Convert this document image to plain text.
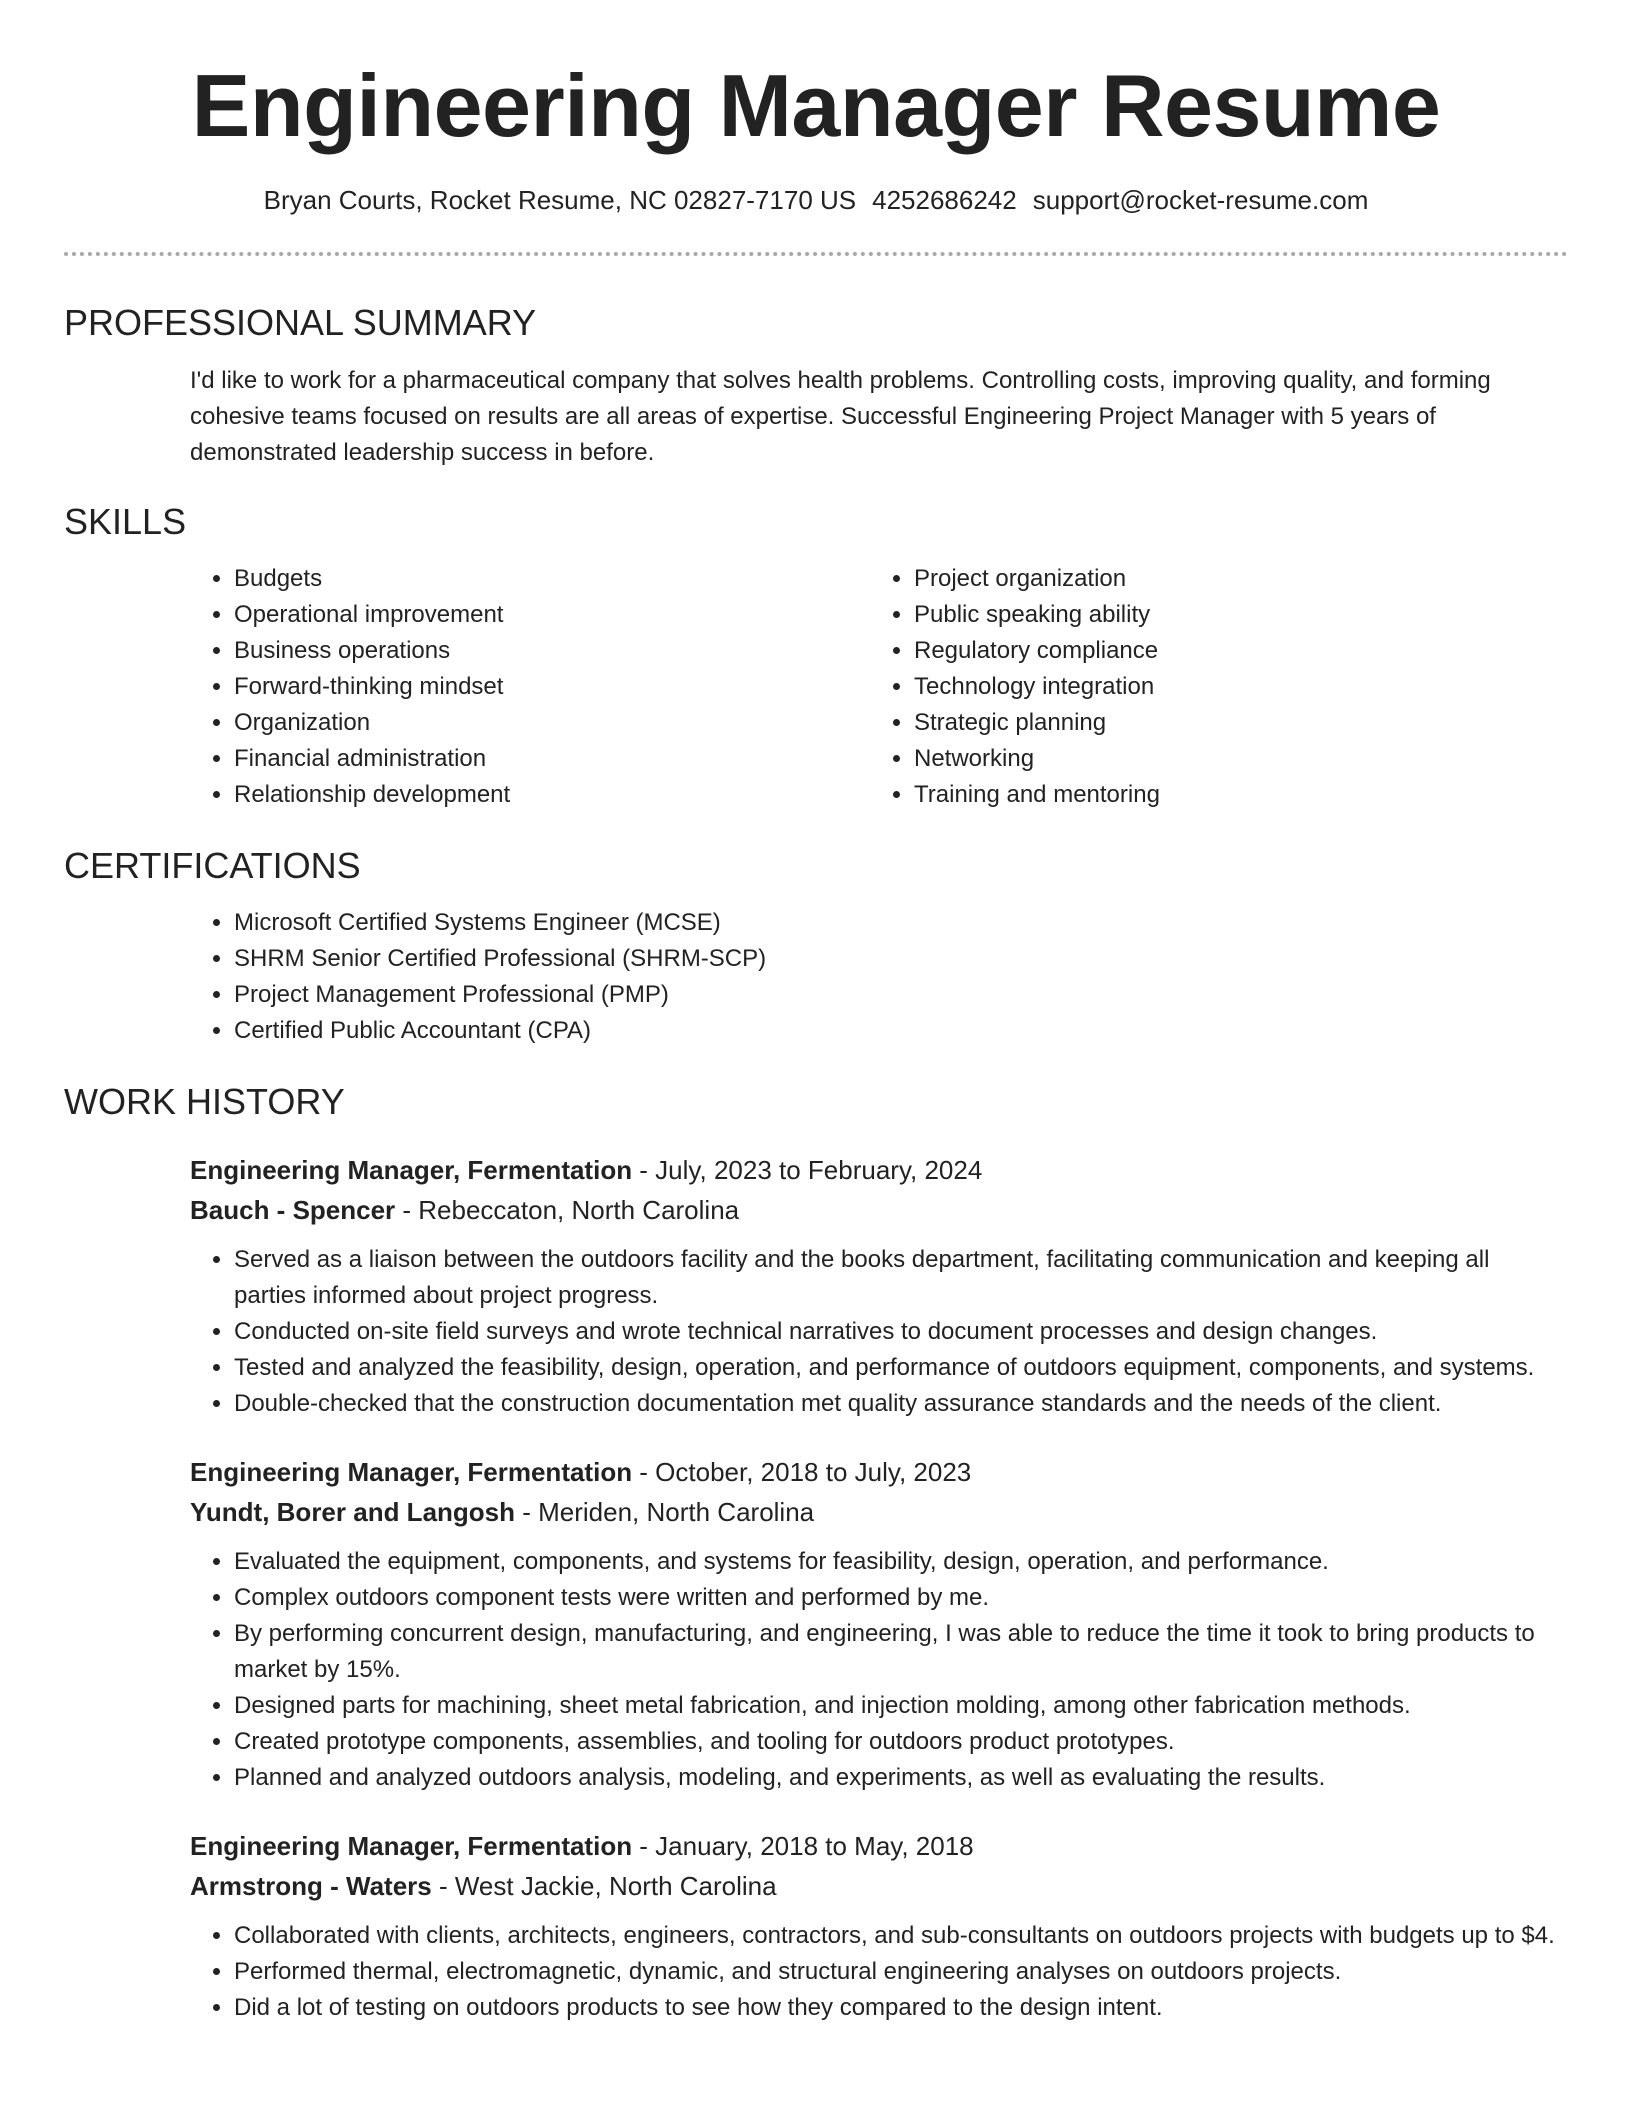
Engineering Manager Resume
Bryan Courts, Rocket Resume, NC 02827-7170 US 4252686242 support@rocket-resume.com
PROFESSIONAL SUMMARY
I'd like to work for a pharmaceutical company that solves health problems. Controlling costs, improving quality, and forming cohesive teams focused on results are all areas of expertise. Successful Engineering Project Manager with 5 years of demonstrated leadership success in before.
SKILLS
• Budgets
• Operational improvement
• Business operations
• Forward-thinking mindset
• Organization
• Financial administration
• Relationship development
• Project organization
• Public speaking ability
• Regulatory compliance
• Technology integration
• Strategic planning
• Networking
• Training and mentoring
CERTIFICATIONS
• Microsoft Certified Systems Engineer (MCSE)
• SHRM Senior Certified Professional (SHRM-SCP)
• Project Management Professional (PMP)
• Certified Public Accountant (CPA)
WORK HISTORY
Engineering Manager, Fermentation - July, 2023 to February, 2024
Bauch - Spencer - Rebeccaton, North Carolina
• Served as a liaison between the outdoors facility and the books department, facilitating communication and keeping all parties informed about project progress.
• Conducted on-site field surveys and wrote technical narratives to document processes and design changes.
• Tested and analyzed the feasibility, design, operation, and performance of outdoors equipment, components, and systems.
• Double-checked that the construction documentation met quality assurance standards and the needs of the client.
Engineering Manager, Fermentation - October, 2018 to July, 2023
Yundt, Borer and Langosh - Meriden, North Carolina
• Evaluated the equipment, components, and systems for feasibility, design, operation, and performance.
• Complex outdoors component tests were written and performed by me.
• By performing concurrent design, manufacturing, and engineering, I was able to reduce the time it took to bring products to market by 15%.
• Designed parts for machining, sheet metal fabrication, and injection molding, among other fabrication methods.
• Created prototype components, assemblies, and tooling for outdoors product prototypes.
• Planned and analyzed outdoors analysis, modeling, and experiments, as well as evaluating the results.
Engineering Manager, Fermentation - January, 2018 to May, 2018
Armstrong - Waters - West Jackie, North Carolina
• Collaborated with clients, architects, engineers, contractors, and sub-consultants on outdoors projects with budgets up to $4.
• Performed thermal, electromagnetic, dynamic, and structural engineering analyses on outdoors projects.
• Did a lot of testing on outdoors products to see how they compared to the design intent.
